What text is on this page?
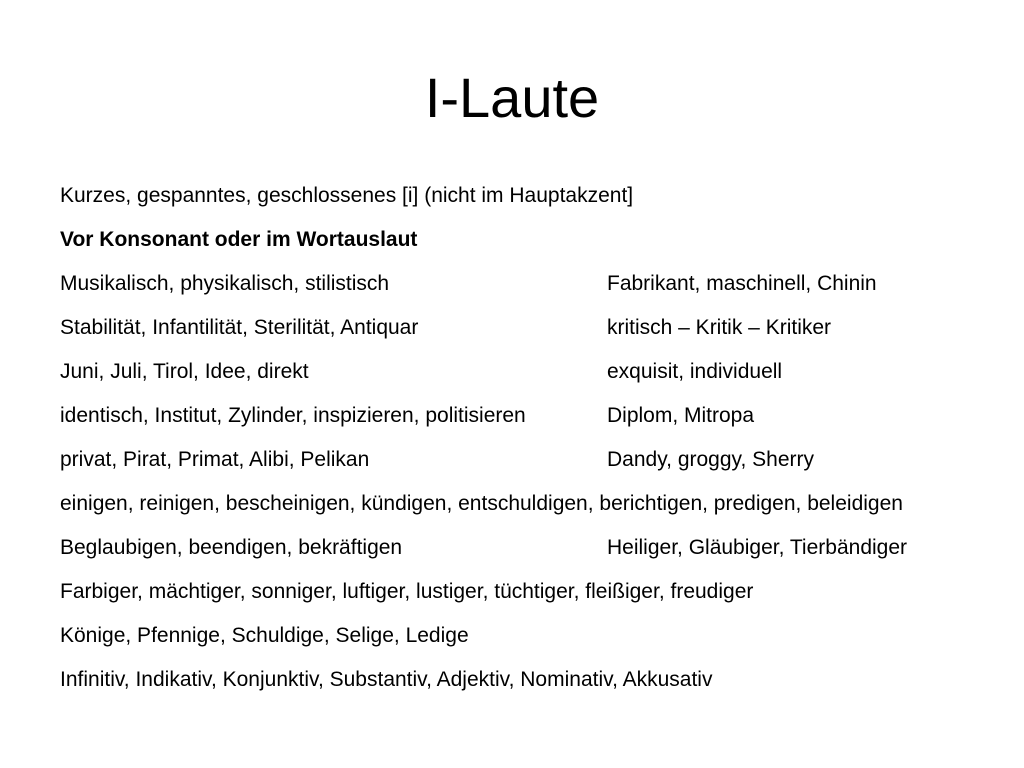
I-Laute
Kurzes, gespanntes, geschlossenes [i] (nicht im Hauptakzent]
Vor Konsonant oder im Wortauslaut
Musikalisch, physikalisch, stilistisch	Fabrikant, maschinell, Chinin
Stabilität, Infantilität, Sterilität, Antiquar	kritisch – Kritik – Kritiker
Juni, Juli, Tirol, Idee, direkt	exquisit, individuell
identisch, Institut, Zylinder, inspizieren, politisieren	Diplom, Mitropa
privat, Pirat, Primat, Alibi, Pelikan	Dandy, groggy, Sherry
einigen, reinigen, bescheinigen, kündigen, entschuldigen, berichtigen, predigen, beleidigen
Beglaubigen, beendigen, bekräftigen	Heiliger, Gläubiger, Tierbändiger
Farbiger, mächtiger, sonniger, luftiger, lustiger, tüchtiger, fleißiger, freudiger
Könige, Pfennige, Schuldige, Selige, Ledige
Infinitiv, Indikativ, Konjunktiv, Substantiv, Adjektiv, Nominativ, Akkusativ
